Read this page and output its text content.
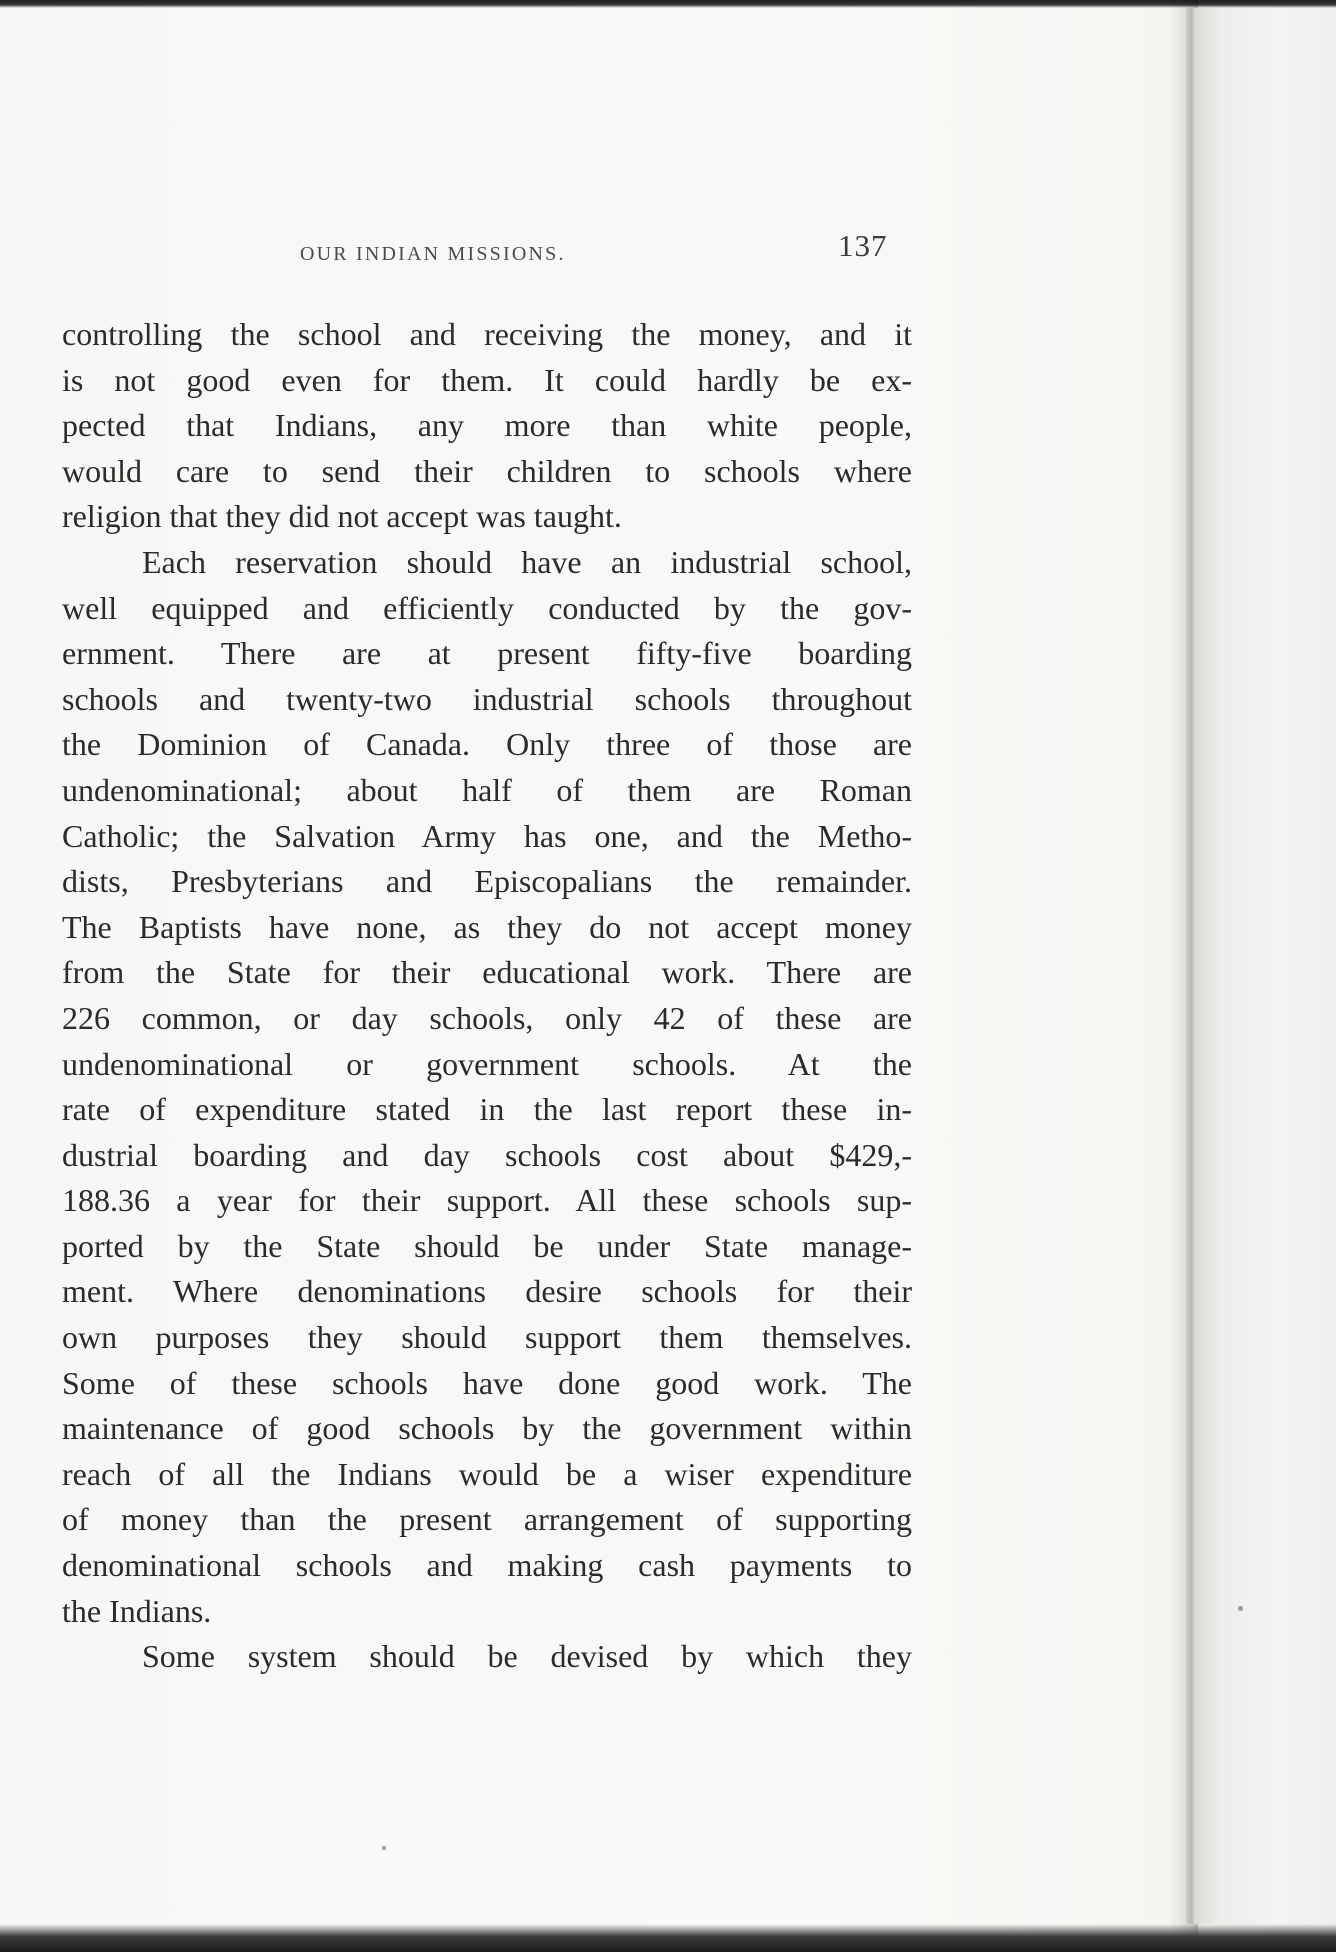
OUR INDIAN MISSIONS.	137
controlling the school and receiving the money, and it
is not good even for them. It could hardly be ex-
pected that Indians, any more than white people,
would care to send their children to schools where
religion that they did not accept was taught.
Each reservation should have an industrial school,
well equipped and efficiently conducted by the gov-
ernment. There are at present fifty-five boarding
schools and twenty-two industrial schools throughout
the Dominion of Canada. Only three of those are
undenominational; about half of them are Roman
Catholic; the Salvation Army has one, and the Metho-
dists, Presbyterians and Episcopalians the remainder.
The Baptists have none, as they do not accept money
from the State for their educational work. There are
226 common, or day schools, only 42 of these are
undenominational or government schools. At the
rate of expenditure stated in the last report these in-
dustrial boarding and day schools cost about $429,-
188.36 a year for their support. All these schools sup-
ported by the State should be under State manage-
ment. Where denominations desire schools for their
own purposes they should support them themselves.
Some of these schools have done good work. The
maintenance of good schools by the government within
reach of all the Indians would be a wiser expenditure
of money than the present arrangement of supporting
denominational schools and making cash payments to
the Indians.
Some system should be devised by which they
